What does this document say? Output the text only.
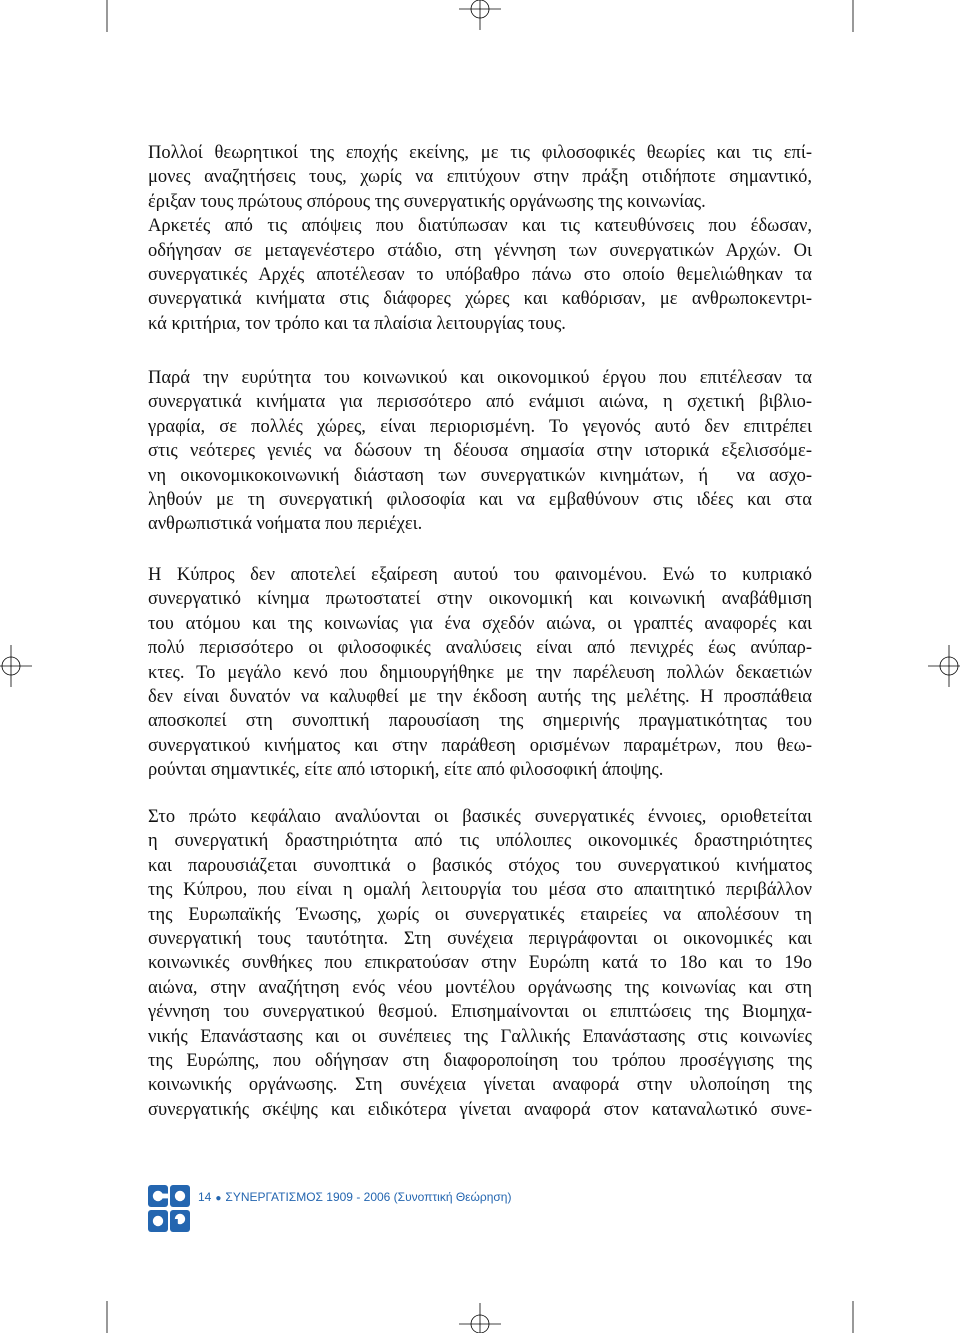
Πολλοί θεωρητικοί της εποχής εκείνης, με τις φιλοσοφικές θεωρίες και τις επί-
μονες αναζητήσεις τους, χωρίς να επιτύχουν στην πράξη οτιδήποτε σημαντικό,
έριξαν τους πρώτους σπόρους της συνεργατικής οργάνωσης της κοινωνίας.
Αρκετές από τις απόψεις που διατύπωσαν και τις κατευθύνσεις που έδωσαν,
οδήγησαν σε μεταγενέστερο στάδιο, στη γέννηση των συνεργατικών Αρχών. Οι
συνεργατικές Αρχές αποτέλεσαν το υπόβαθρο πάνω στο οποίο θεμελιώθηκαν τα
συνεργατικά κινήματα στις διάφορες χώρες και καθόρισαν, με ανθρωποκεντρι-
κά κριτήρια, τον τρόπο και τα πλαίσια λειτουργίας τους.
Παρά την ευρύτητα του κοινωνικού και οικονομικού έργου που επιτέλεσαν τα
συνεργατικά κινήματα για περισσότερο από ενάμισι αιώνα, η σχετική βιβλιο-
γραφία, σε πολλές χώρες, είναι περιορισμένη. Το γεγονός αυτό δεν επιτρέπει
στις νεότερες γενιές να δώσουν τη δέουσα σημασία στην ιστορικά εξελισσόμε-
νη οικονομικοκοινωνική διάσταση των συνεργατικών κινημάτων, ή  να ασχο-
ληθούν με τη συνεργατική φιλοσοφία και να εμβαθύνουν στις ιδέες και στα
ανθρωπιστικά νοήματα που περιέχει.
Η Κύπρος δεν αποτελεί εξαίρεση αυτού του φαινομένου. Ενώ το κυπριακό
συνεργατικό κίνημα πρωτοστατεί στην οικονομική και κοινωνική αναβάθμιση
του ατόμου και της κοινωνίας για ένα σχεδόν αιώνα, οι γραπτές αναφορές και
πολύ περισσότερο οι φιλοσοφικές αναλύσεις είναι από πενιχρές έως ανύπαρ-
κτες. Το μεγάλο κενό που δημιουργήθηκε με την παρέλευση πολλών δεκαετιών
δεν είναι δυνατόν να καλυφθεί με την έκδοση αυτής της μελέτης. Η προσπάθεια
αποσκοπεί στη συνοπτική παρουσίαση της σημερινής πραγματικότητας του
συνεργατικού κινήματος και στην παράθεση ορισμένων παραμέτρων, που θεω-
ρούνται σημαντικές, είτε από ιστορική, είτε από φιλοσοφική άποψης.
Στο πρώτο κεφάλαιο αναλύονται οι βασικές συνεργατικές έννοιες, οριοθετείται
η συνεργατική δραστηριότητα από τις υπόλοιπες οικονομικές δραστηριότητες
και παρουσιάζεται συνοπτικά ο βασικός στόχος του συνεργατικού κινήματος
της Κύπρου, που είναι η ομαλή λειτουργία του μέσα στο απαιτητικό περιβάλλον
της Ευρωπαϊκής Ένωσης, χωρίς οι συνεργατικές εταιρείες να απολέσουν τη
συνεργατική τους ταυτότητα. Στη συνέχεια περιγράφονται οι οικονομικές και
κοινωνικές συνθήκες που επικρατούσαν στην Ευρώπη κατά το 18ο και το 19ο
αιώνα, στην αναζήτηση ενός νέου μοντέλου οργάνωσης της κοινωνίας και στη
γέννηση του συνεργατικού θεσμού. Επισημαίνονται οι επιπτώσεις της Βιομηχα-
νικής Επανάστασης και οι συνέπειες της Γαλλικής Επανάστασης στις κοινωνίες
της Ευρώπης, που οδήγησαν στη διαφοροποίηση του τρόπου προσέγγισης της
κοινωνικής οργάνωσης. Στη συνέχεια γίνεται αναφορά στην υλοποίηση της
συνεργατικής σκέψης και ειδικότερα γίνεται αναφορά στον καταναλωτικό συνε-
14 ● ΣΥΝΕΡΓΑΤΙΣΜΟΣ 1909 - 2006 (Συνοπτική Θεώρηση)
